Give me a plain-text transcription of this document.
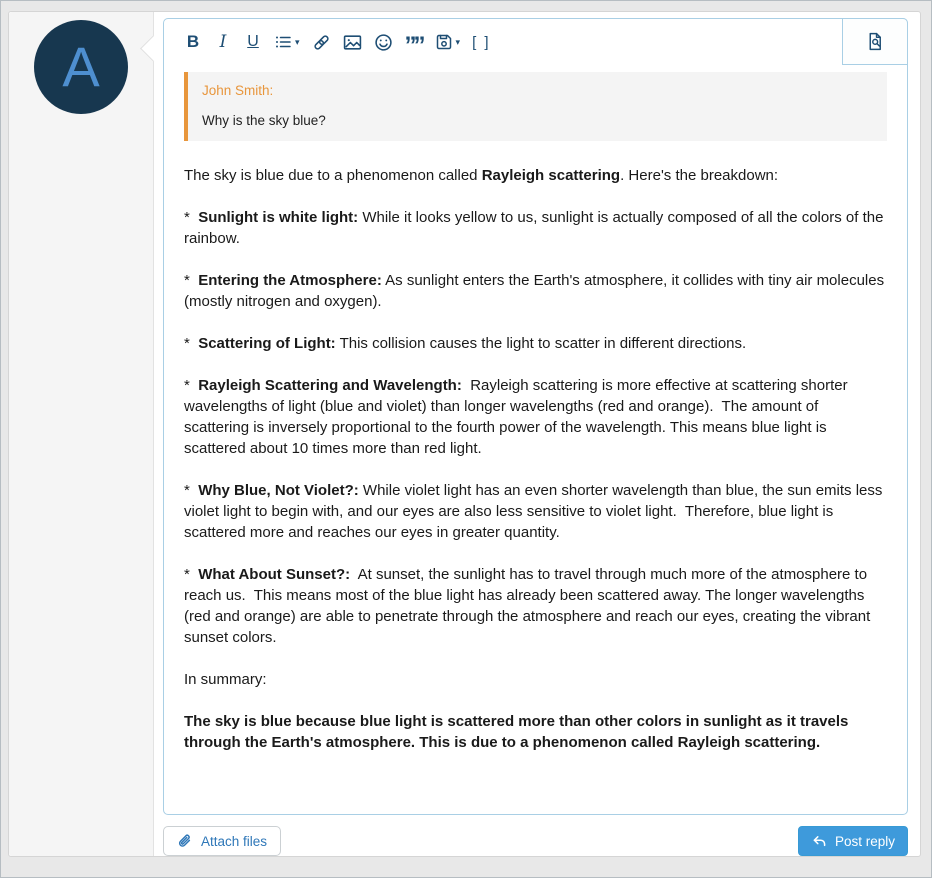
A	B I U	▾	””	▾ [ ]
John Smith:
Why is the sky blue?

The sky is blue due to a phenomenon called Rayleigh scattering. Here's the breakdown:

*  Sunlight is white light: While it looks yellow to us, sunlight is actually composed of all the colors of the rainbow.

*  Entering the Atmosphere: As sunlight enters the Earth's atmosphere, it collides with tiny air molecules (mostly nitrogen and oxygen).

*  Scattering of Light: This collision causes the light to scatter in different directions.

*  Rayleigh Scattering and Wavelength:  Rayleigh scattering is more effective at scattering shorter wavelengths of light (blue and violet) than longer wavelengths (red and orange).  The amount of scattering is inversely proportional to the fourth power of the wavelength. This means blue light is scattered about 10 times more than red light.

*  Why Blue, Not Violet?: While violet light has an even shorter wavelength than blue, the sun emits less violet light to begin with, and our eyes are also less sensitive to violet light.  Therefore, blue light is scattered more and reaches our eyes in greater quantity.

*  What About Sunset?:  At sunset, the sunlight has to travel through much more of the atmosphere to reach us.  This means most of the blue light has already been scattered away. The longer wavelengths (red and orange) are able to penetrate through the atmosphere and reach our eyes, creating the vibrant sunset colors.

In summary:

The sky is blue because blue light is scattered more than other colors in sunlight as it travels through the Earth's atmosphere. This is due to a phenomenon called Rayleigh scattering.

Attach files	Post reply
